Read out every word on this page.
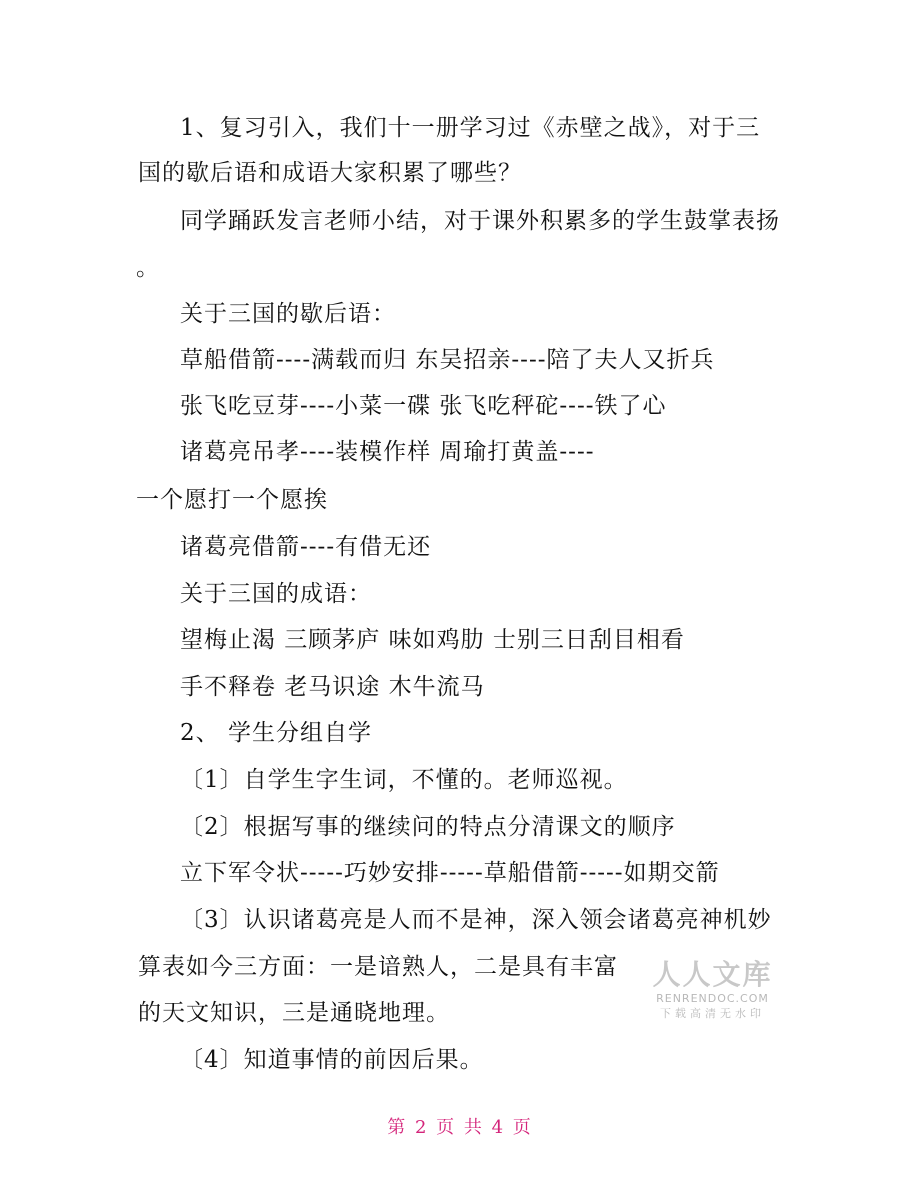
1、复习引入，我们十一册学习过《赤壁之战》，对于三
国的歇后语和成语大家积累了哪些？
同学踊跃发言老师小结，对于课外积累多的学生鼓掌表扬
。
关于三国的歇后语：
草船借箭----满载而归 东吴招亲----陪了夫人又折兵
张飞吃豆芽----小菜一碟 张飞吃秤砣----铁了心
诸葛亮吊孝----装模作样 周瑜打黄盖----
一个愿打一个愿挨
诸葛亮借箭----有借无还
关于三国的成语：
望梅止渴 三顾茅庐 味如鸡肋 士别三日刮目相看
手不释卷 老马识途 木牛流马
2、 学生分组自学
〔1〕自学生字生词，不懂的。老师巡视。
〔2〕根据写事的继续问的特点分清课文的顺序
立下军令状-----巧妙安排-----草船借箭-----如期交箭
〔3〕认识诸葛亮是人而不是神，深入领会诸葛亮神机妙
算表如今三方面：一是谙熟人，二是具有丰富
的天文知识，三是通晓地理。
〔4〕知道事情的前因后果。
人人文库
RENRENDOC.COM
下载高清无水印
第 2 页 共 4 页
